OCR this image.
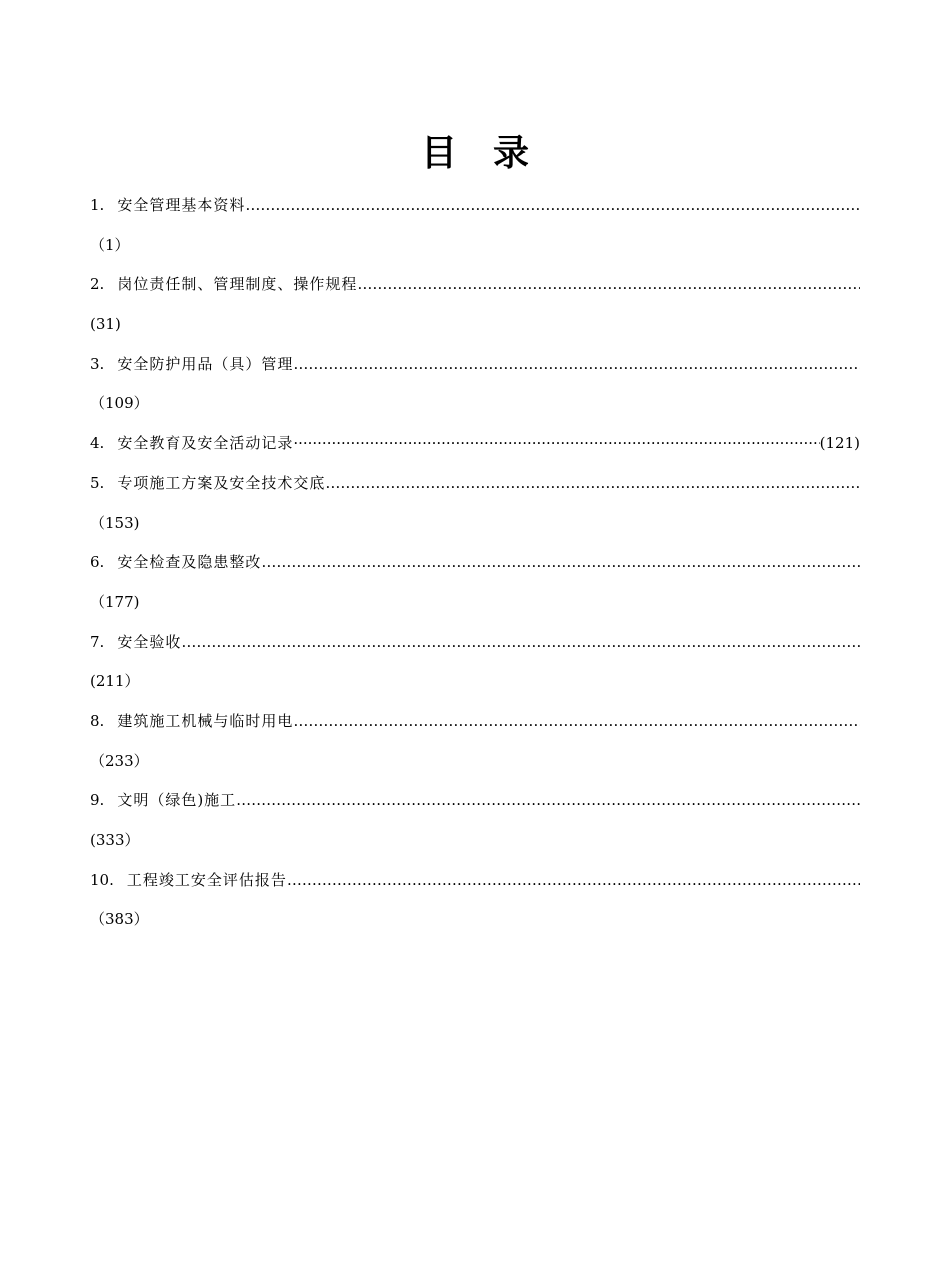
目　录
1. 安全管理基本资料
…………………………………………………………………………………………………………………………………………………………………………………………………
（1）
2. 岗位责任制、管理制度、操作规程
…………………………………………………………………………………………………………………………………………………………………………………………………
(31)
3. 安全防护用品（具）管理
…………………………………………………………………………………………………………………………………………………………………………………………………
（109）
4. 安全教育及安全活动记录
·····	(121)
5. 专项施工方案及安全技术交底
…………………………………………………………………………………………………………………………………………………………………………………………………
（153)
6. 安全检查及隐患整改
…………………………………………………………………………………………………………………………………………………………………………………………………
（177)
7. 安全验收
…………………………………………………………………………………………………………………………………………………………………………………………………
(211）
8. 建筑施工机械与临时用电
…………………………………………………………………………………………………………………………………………………………………………………………………
（233）
9. 文明（绿色)施工
…………………………………………………………………………………………………………………………………………………………………………………………………
(333）
10. 工程竣工安全评估报告
…………………………………………………………………………………………………………………………………………………………………………………………………
（383）
